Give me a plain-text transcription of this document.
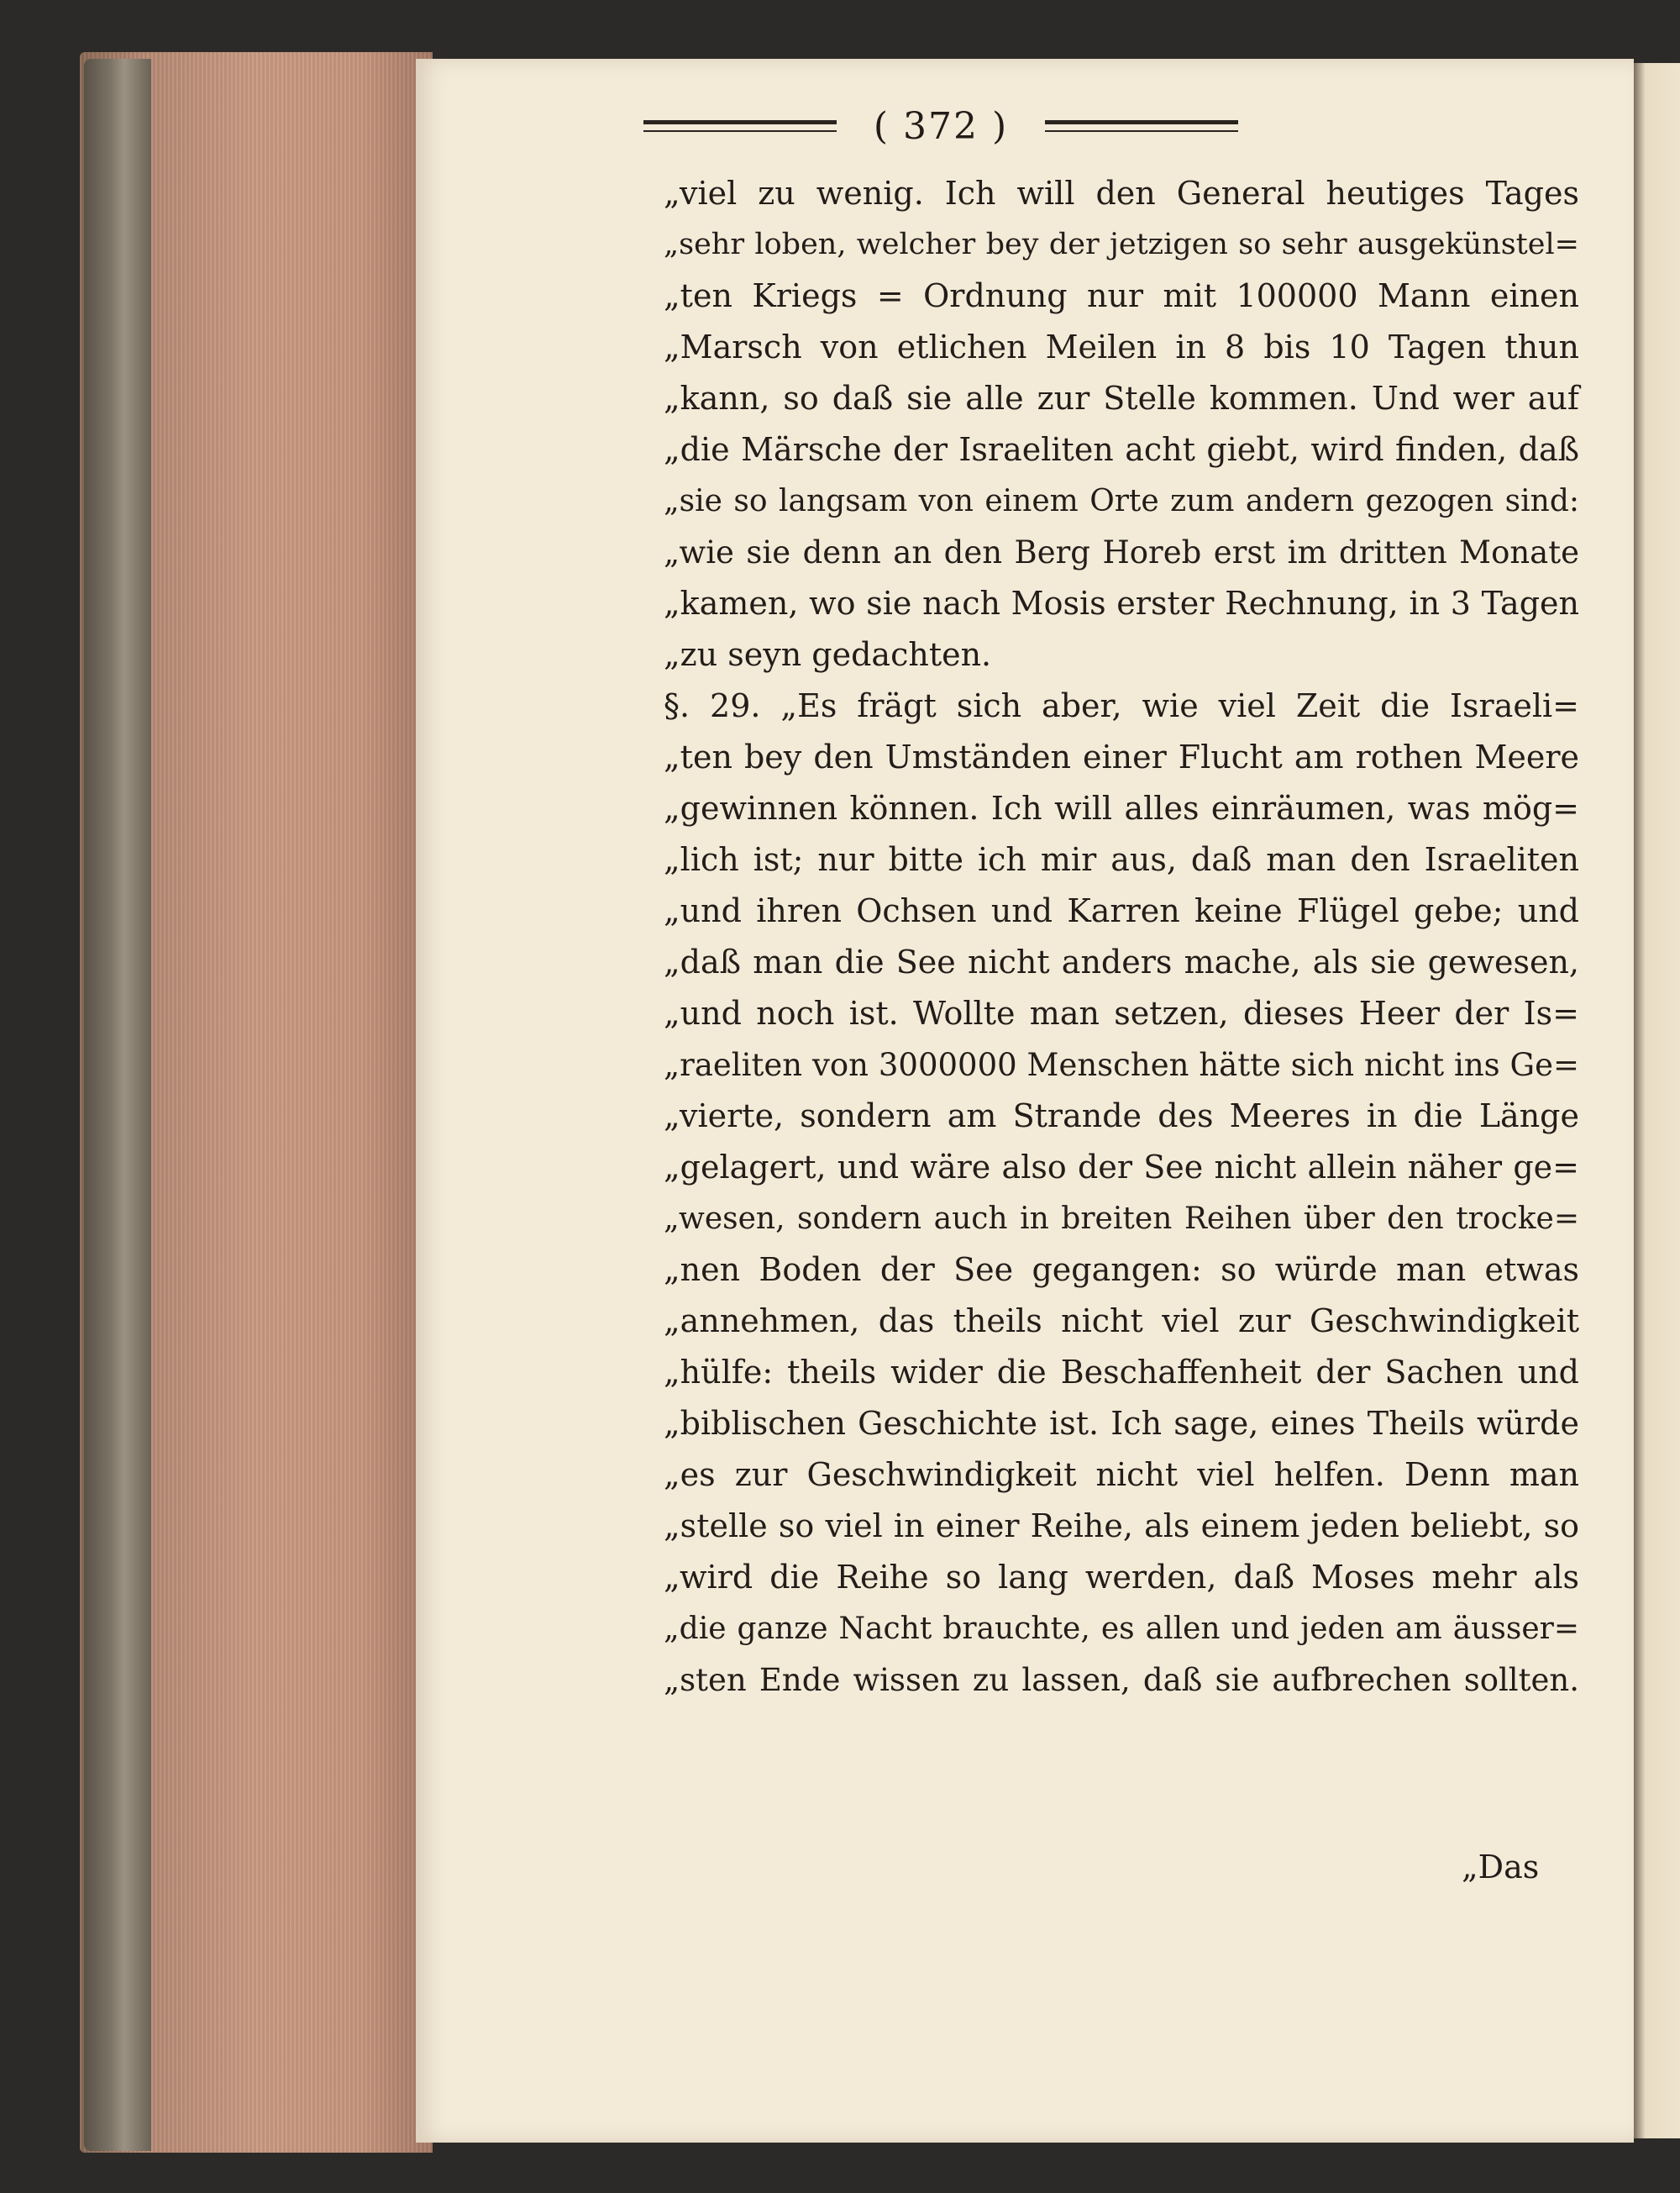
( 372 )
„viel zu wenig. Ich will den General heutiges Tages
„sehr loben, welcher bey der jetzigen so sehr ausgekünstel=
„ten Kriegs = Ordnung nur mit 100000 Mann einen
„Marsch von etlichen Meilen in 8 bis 10 Tagen thun
„kann, so daß sie alle zur Stelle kommen. Und wer auf
„die Märsche der Israeliten acht giebt, wird finden, daß
„sie so langsam von einem Orte zum andern gezogen sind:
„wie sie denn an den Berg Horeb erst im dritten Monate
„kamen, wo sie nach Mosis erster Rechnung, in 3 Tagen
„zu seyn gedachten.
§. 29. „Es frägt sich aber, wie viel Zeit die Israeli=
„ten bey den Umständen einer Flucht am rothen Meere
„gewinnen können. Ich will alles einräumen, was mög=
„lich ist; nur bitte ich mir aus, daß man den Israeliten
„und ihren Ochsen und Karren keine Flügel gebe; und
„daß man die See nicht anders mache, als sie gewesen,
„und noch ist. Wollte man setzen, dieses Heer der Is=
„raeliten von 3000000 Menschen hätte sich nicht ins Ge=
„vierte, sondern am Strande des Meeres in die Länge
„gelagert, und wäre also der See nicht allein näher ge=
„wesen, sondern auch in breiten Reihen über den trocke=
„nen Boden der See gegangen: so würde man etwas
„annehmen, das theils nicht viel zur Geschwindigkeit
„hülfe: theils wider die Beschaffenheit der Sachen und
„biblischen Geschichte ist. Ich sage, eines Theils würde
„es zur Geschwindigkeit nicht viel helfen. Denn man
„stelle so viel in einer Reihe, als einem jeden beliebt, so
„wird die Reihe so lang werden, daß Moses mehr als
„die ganze Nacht brauchte, es allen und jeden am äusser=
„sten Ende wissen zu lassen, daß sie aufbrechen sollten.
„Das
